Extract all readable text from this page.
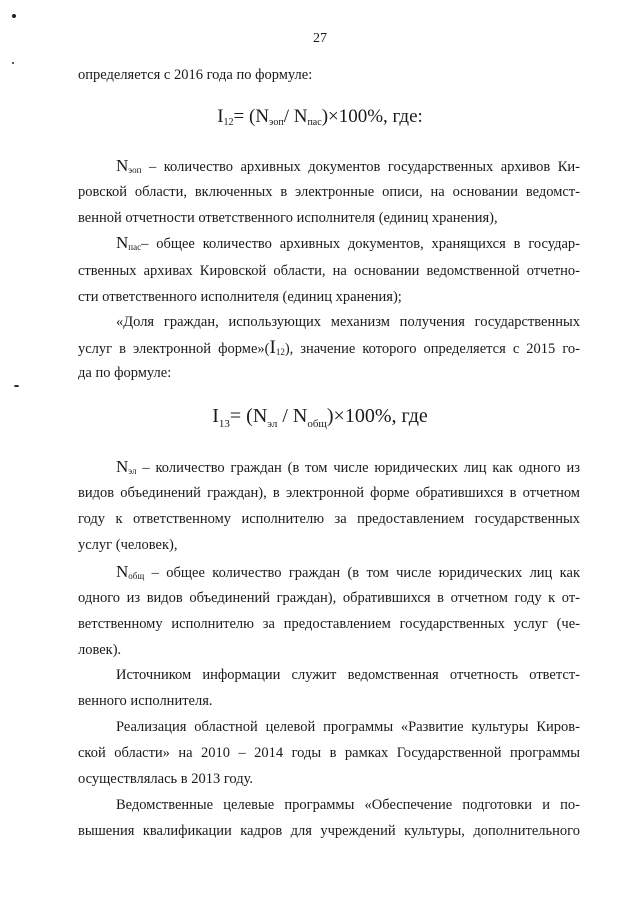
27
определяется с 2016 года по формуле:
$I_{12}= (N_{эоп}/$ $N_{пас})\times 100\%$, где:
$N_{эоп}$ – количество архивных документов государственных архивов Ки-
ровской области, включенных в электронные описи, на основании ведомст-
венной отчетности ответственного исполнителя (единиц хранения),
$N_{пас}-$ общее количество архивных документов, хранящихся в государ-
ственных архивах Кировской области, на основании ведомственной отчетно-
сти ответственного исполнителя (единиц хранения);
«Доля граждан, использующих механизм получения государственных
услуг в электронной $форме»(I_{12})$, значение которого определяется с 2015 го-
да по формуле:
$I_{13}= (N_{эл} / N_{общ})\times 100\%$, где
$N_{эл}$ – количество граждан (в том числе юридических лиц как одного из
видов объединений граждан), в электронной форме обратившихся в отчетном
году к ответственному исполнителю за предоставлением государственных
услуг (человек),
$N_{общ}$ – общее количество граждан (в том числе юридических лиц как
одного из видов объединений граждан), обратившихся в отчетном году к от-
ветственному исполнителю за предоставлением государственных услуг (че-
ловек).
Источником информации служит ведомственная отчетность ответст-
венного исполнителя.
Реализация областной целевой программы «Развитие культуры Киров-
ской области» на 2010 – 2014 годы в рамках Государственной программы
осуществлялась в 2013 году.
Ведомственные целевые программы «Обеспечение подготовки и по-
вышения квалификации кадров для учреждений культуры, дополнительного
